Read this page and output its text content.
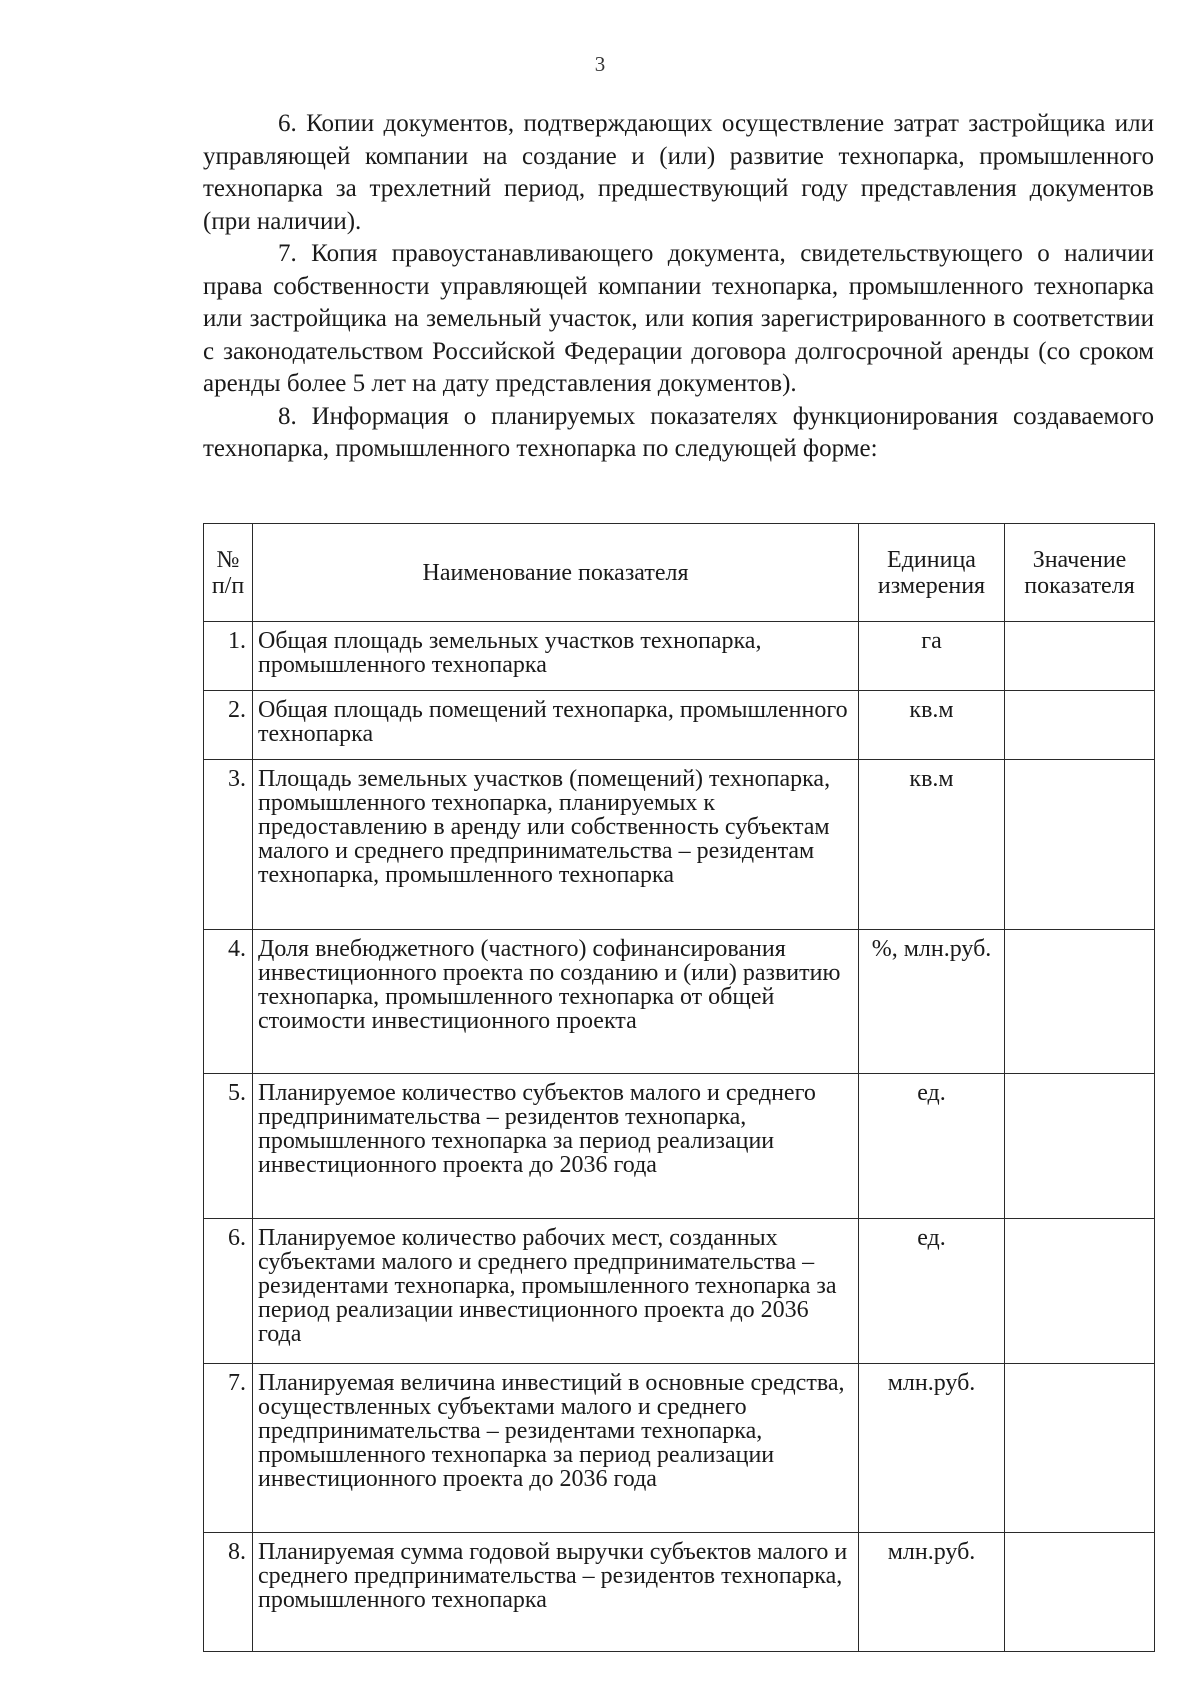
3

6. Копии документов, подтверждающих осуществление затрат застройщика или управляющей компании на создание и (или) развитие технопарка, промышленного технопарка за трехлетний период, предшествующий году представления документов (при наличии).

7. Копия правоустанавливающего документа, свидетельствующего о наличии права собственности управляющей компании технопарка, промышленного технопарка или застройщика на земельный участок, или копия зарегистрированного в соответствии с законодательством Российской Федерации договора долгосрочной аренды (со сроком аренды более 5 лет на дату представления документов).

8. Информация о планируемых показателях функционирования создаваемого технопарка, промышленного технопарка по следующей форме:

№ п/п	Наименование показателя	Единица измерения	Значение показателя
1.	Общая площадь земельных участков технопарка, промышленного технопарка	га	
2.	Общая площадь помещений технопарка, промышленного технопарка	кв.м	
3.	Площадь земельных участков (помещений) технопарка, промышленного технопарка, планируемых к предоставлению в аренду или собственность субъектам малого и среднего предпринимательства – резидентам технопарка, промышленного технопарка	кв.м	
4.	Доля внебюджетного (частного) софинансирования инвестиционного проекта по созданию и (или) развитию технопарка, промышленного технопарка от общей стоимости инвестиционного проекта	%, млн.руб.	
5.	Планируемое количество субъектов малого и среднего предпринимательства – резидентов технопарка, промышленного технопарка за период реализации инвестиционного проекта до 2036 года	ед.	
6.	Планируемое количество рабочих мест, созданных субъектами малого и среднего предпринимательства – резидентами технопарка, промышленного технопарка за период реализации инвестиционного проекта до 2036 года	ед.	
7.	Планируемая величина инвестиций в основные средства, осуществленных субъектами малого и среднего предпринимательства – резидентами технопарка, промышленного технопарка за период реализации инвестиционного проекта до 2036 года	млн.руб.	
8.	Планируемая сумма годовой выручки субъектов малого и среднего предпринимательства – резидентов технопарка, промышленного технопарка	млн.руб.	
